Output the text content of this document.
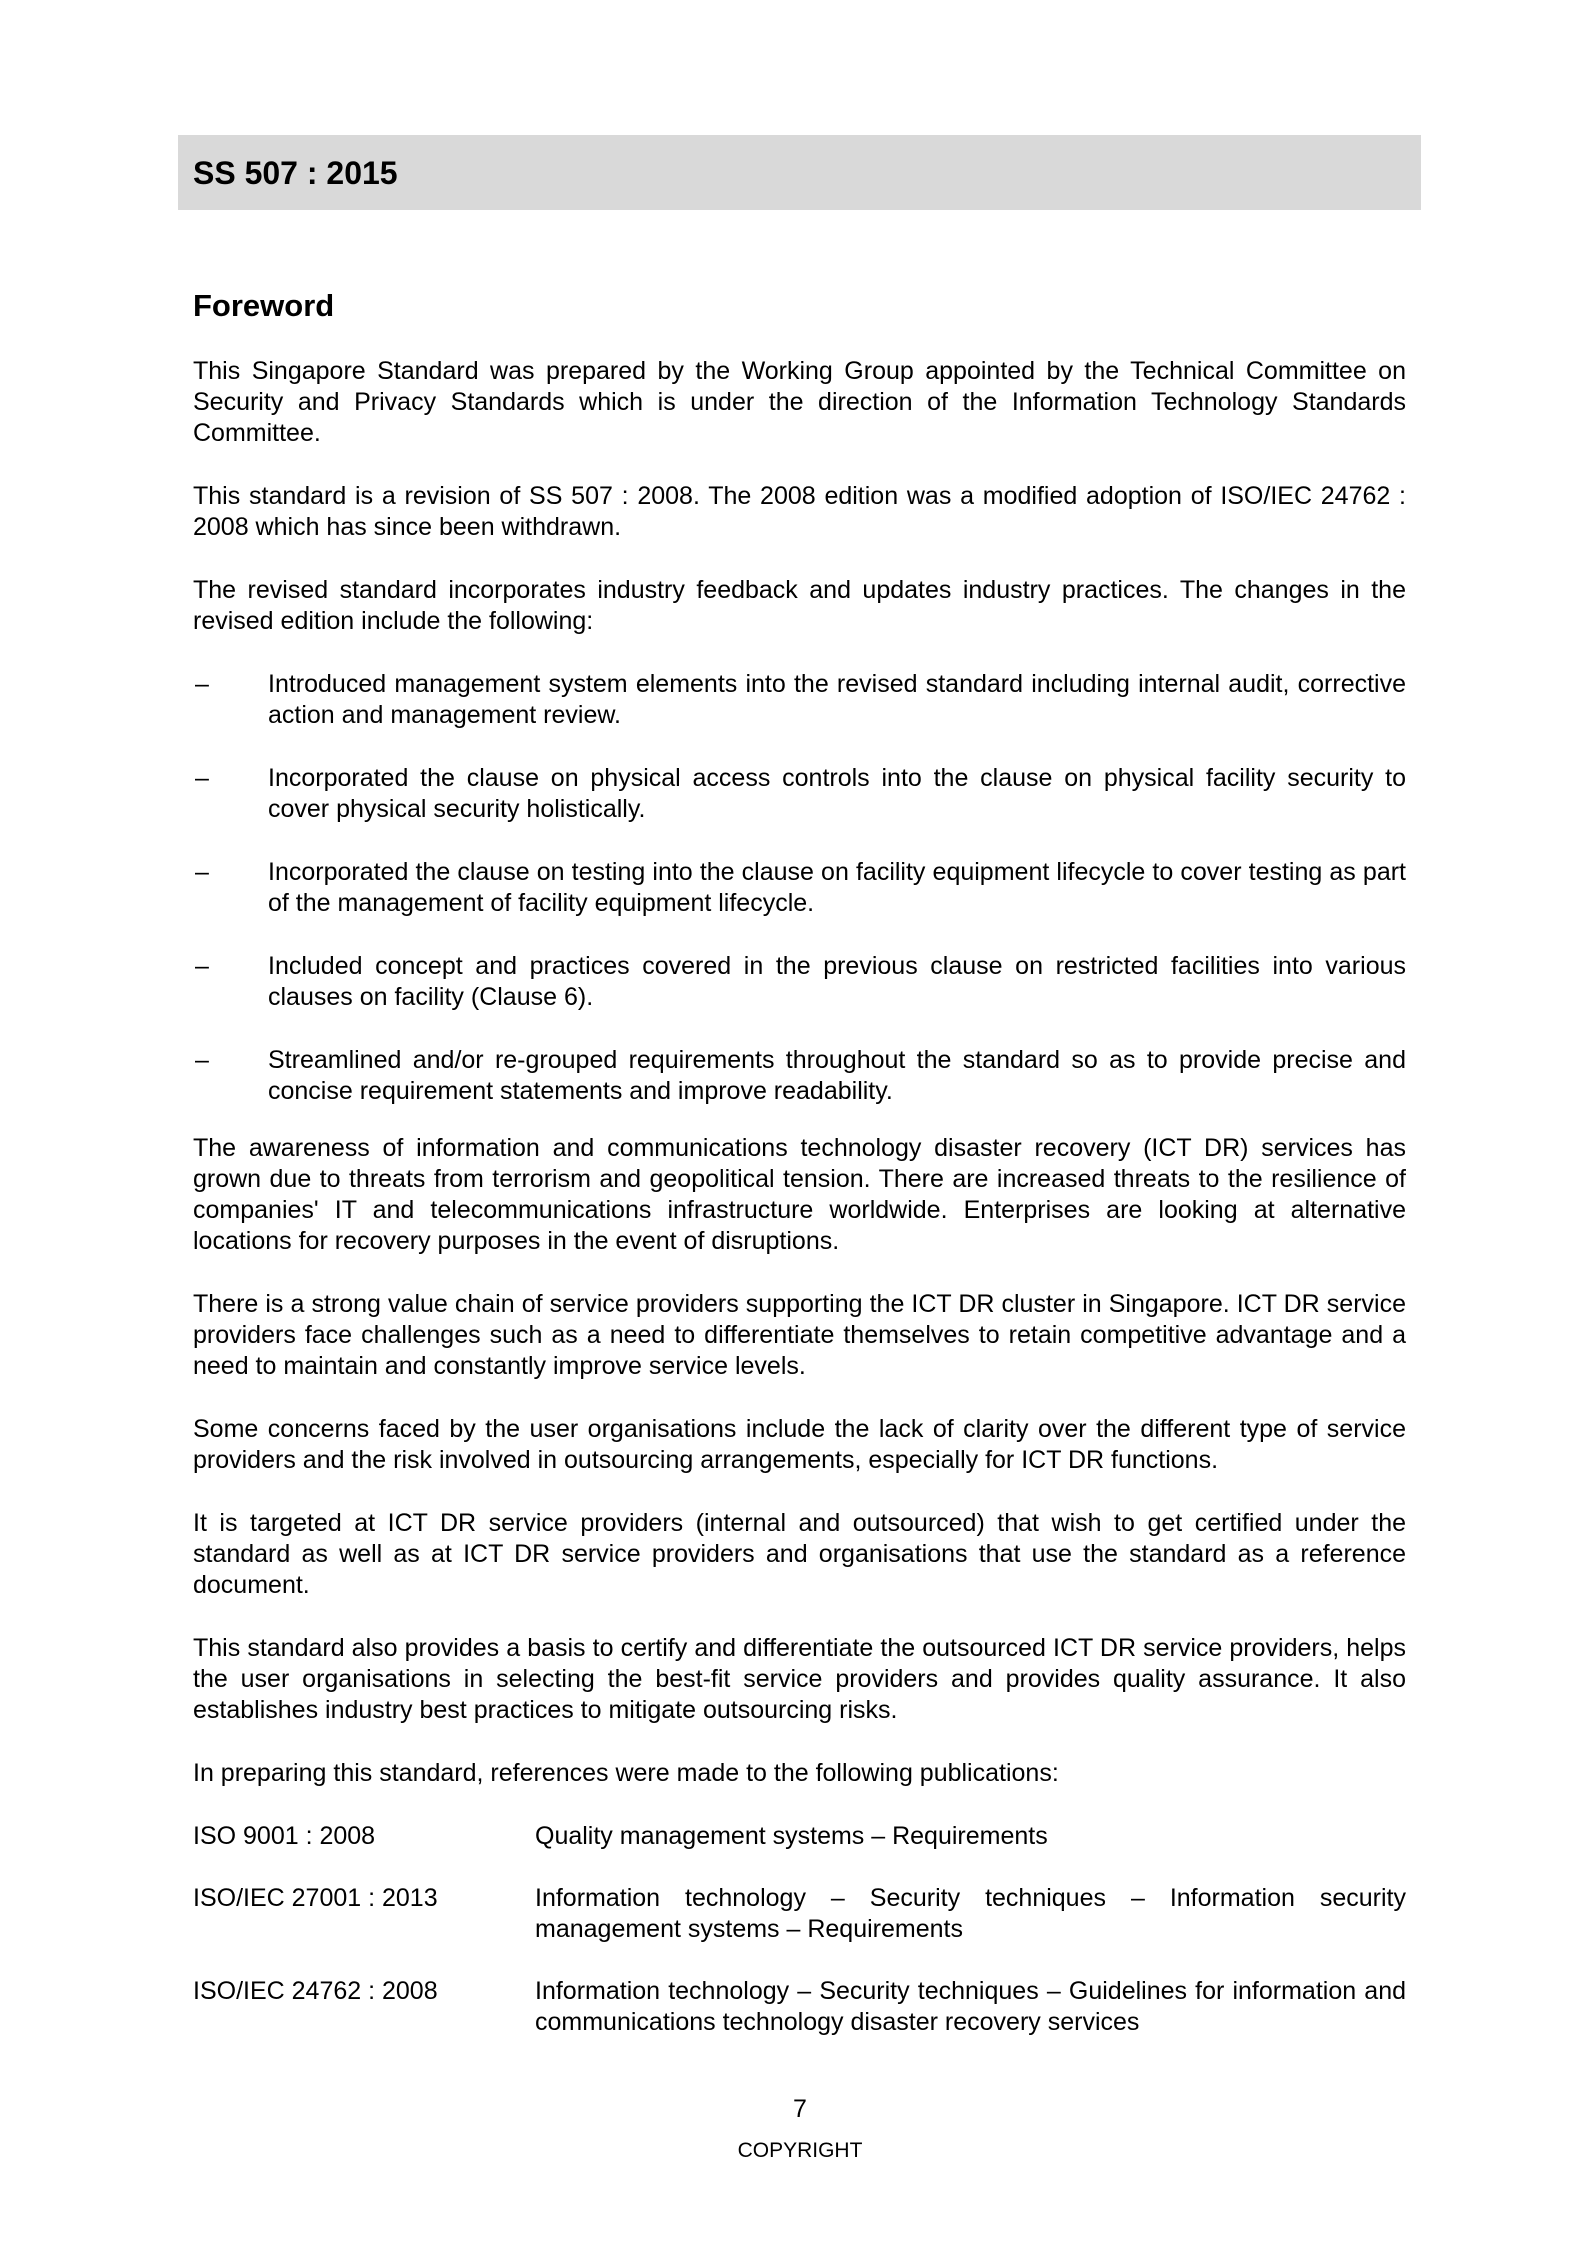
SS 507 : 2015
Foreword

This Singapore Standard was prepared by the Working Group appointed by the Technical Committee on Security and Privacy Standards which is under the direction of the Information Technology Standards Committee.

This standard is a revision of SS 507 : 2008. The 2008 edition was a modified adoption of ISO/IEC 24762 : 2008 which has since been withdrawn.

The revised standard incorporates industry feedback and updates industry practices. The changes in the revised edition include the following:

–	Introduced management system elements into the revised standard including internal audit, corrective action and management review.
–	Incorporated the clause on physical access controls into the clause on physical facility security to cover physical security holistically.
–	Incorporated the clause on testing into the clause on facility equipment lifecycle to cover testing as part of the management of facility equipment lifecycle.
–	Included concept and practices covered in the previous clause on restricted facilities into various clauses on facility (Clause 6).
–	Streamlined and/or re-grouped requirements throughout the standard so as to provide precise and concise requirement statements and improve readability.

The awareness of information and communications technology disaster recovery (ICT DR) services has grown due to threats from terrorism and geopolitical tension. There are increased threats to the resilience of companies' IT and telecommunications infrastructure worldwide. Enterprises are looking at alternative locations for recovery purposes in the event of disruptions.

There is a strong value chain of service providers supporting the ICT DR cluster in Singapore. ICT DR service providers face challenges such as a need to differentiate themselves to retain competitive advantage and a need to maintain and constantly improve service levels.

Some concerns faced by the user organisations include the lack of clarity over the different type of service providers and the risk involved in outsourcing arrangements, especially for ICT DR functions.

It is targeted at ICT DR service providers (internal and outsourced) that wish to get certified under the standard as well as at ICT DR service providers and organisations that use the standard as a reference document.

This standard also provides a basis to certify and differentiate the outsourced ICT DR service providers, helps the user organisations in selecting the best-fit service providers and provides quality assurance. It also establishes industry best practices to mitigate outsourcing risks.

In preparing this standard, references were made to the following publications:

ISO 9001 : 2008	Quality management systems – Requirements
ISO/IEC 27001 : 2013	Information technology – Security techniques – Information security management systems – Requirements
ISO/IEC 24762 : 2008	Information technology – Security techniques – Guidelines for information and communications technology disaster recovery services
7
COPYRIGHT
